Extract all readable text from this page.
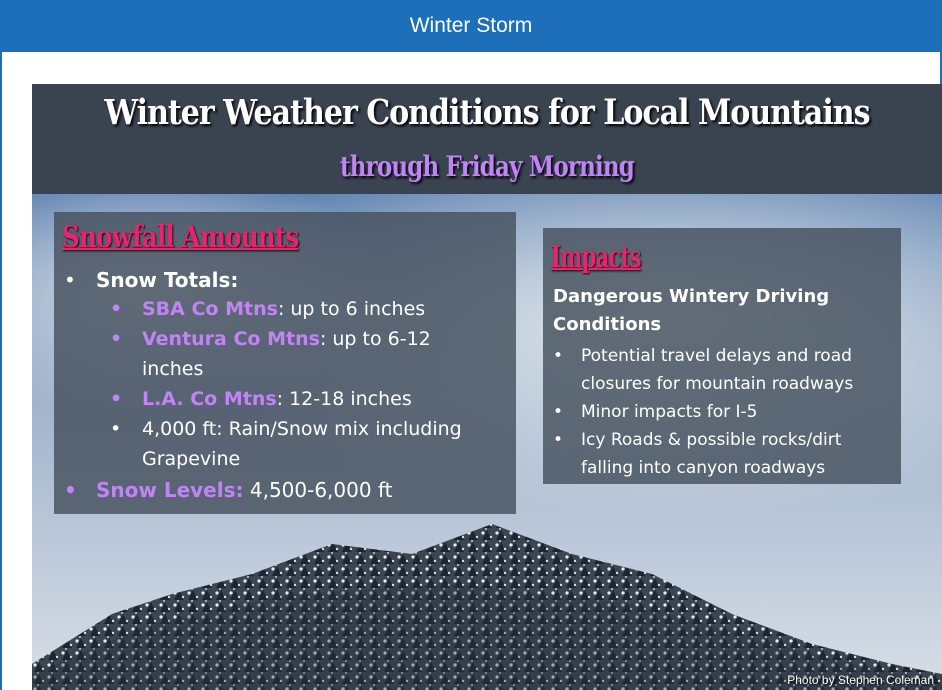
Winter Storm
Winter Weather Conditions for Local Mountains
through Friday Morning
Snowfall Amounts
• Snow Totals:
• SBA Co Mtns: up to 6 inches
• Ventura Co Mtns: up to 6-12
inches
• L.A. Co Mtns: 12-18 inches
• 4,000 ft: Rain/Snow mix including
Grapevine
• Snow Levels: 4,500-6,000 ft
Impacts
Dangerous Wintery Driving
Conditions
• Potential travel delays and road
closures for mountain roadways
• Minor impacts for I-5
• Icy Roads & possible rocks/dirt
falling into canyon roadways
Photo by Stephen Coleman
